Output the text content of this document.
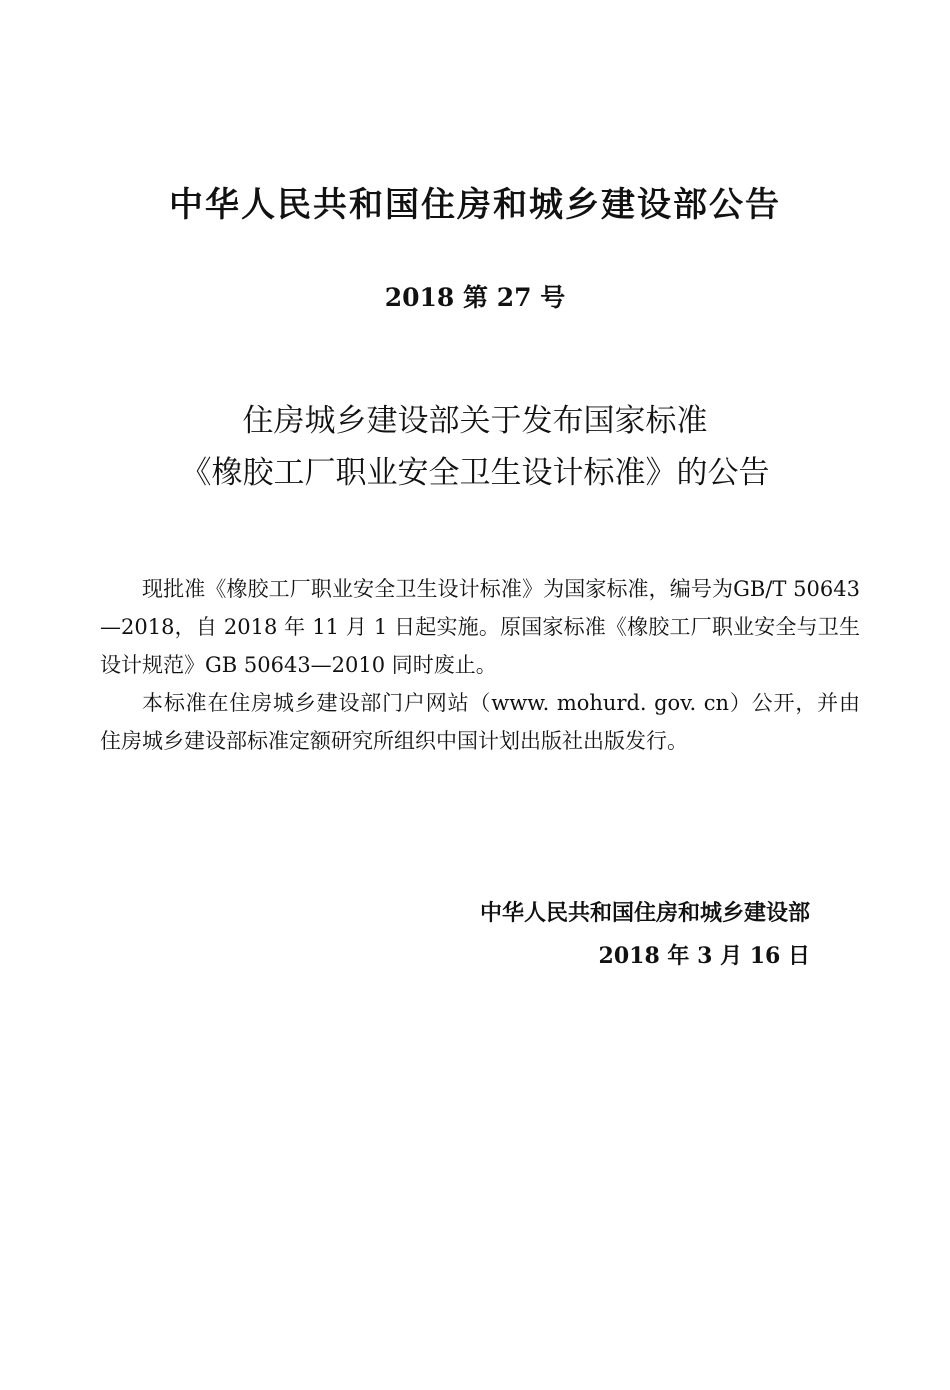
中华人民共和国住房和城乡建设部公告
2018 第 27 号
住房城乡建设部关于发布国家标准
《橡胶工厂职业安全卫生设计标准》的公告

现批准《橡胶工厂职业安全卫生设计标准》为国家标准，编号为GB/T 50643—2018，自 2018 年 11 月 1 日起实施。原国家标准《橡胶工厂职业安全与卫生设计规范》GB 50643—2010 同时废止。

本标准在住房城乡建设部门户网站（www. mohurd. gov. cn）公开，并由住房城乡建设部标准定额研究所组织中国计划出版社出版发行。

中华人民共和国住房和城乡建设部
2018 年 3 月 16 日
